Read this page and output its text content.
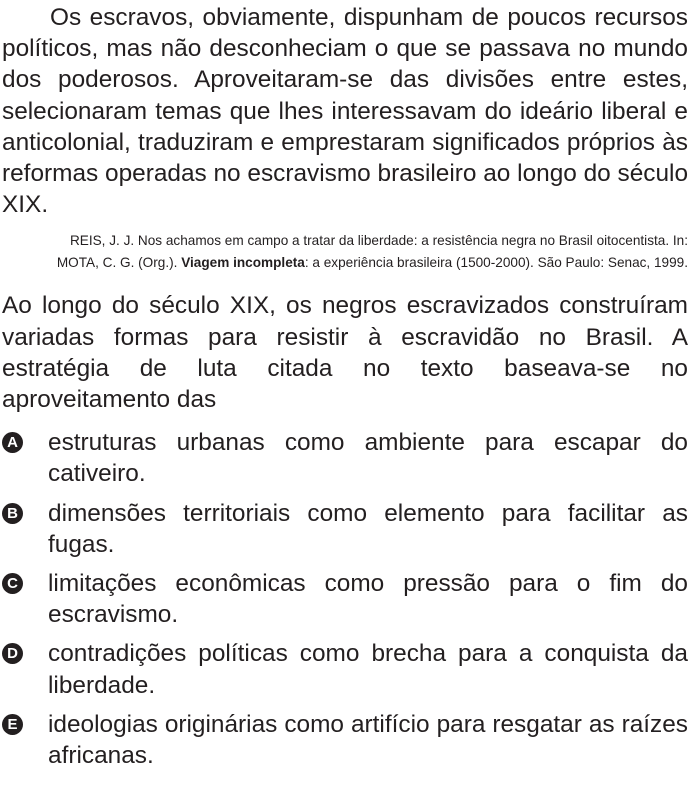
Os escravos, obviamente, dispunham de poucos recursos políticos, mas não desconheciam o que se passava no mundo dos poderosos. Aproveitaram-se das divisões entre estes, selecionaram temas que lhes interessavam do ideário liberal e anticolonial, traduziram e emprestaram significados próprios às reformas operadas no escravismo brasileiro ao longo do século XIX.

REIS, J. J. Nos achamos em campo a tratar da liberdade: a resistência negra no Brasil oitocentista. In: MOTA, C. G. (Org.). Viagem incompleta: a experiência brasileira (1500-2000). São Paulo: Senac, 1999.

Ao longo do século XIX, os negros escravizados construíram variadas formas para resistir à escravidão no Brasil. A estratégia de luta citada no texto baseava-se no aproveitamento das

A estruturas urbanas como ambiente para escapar do cativeiro.
B dimensões territoriais como elemento para facilitar as fugas.
C limitações econômicas como pressão para o fim do escravismo.
D contradições políticas como brecha para a conquista da liberdade.
E ideologias originárias como artifício para resgatar as raízes africanas.
